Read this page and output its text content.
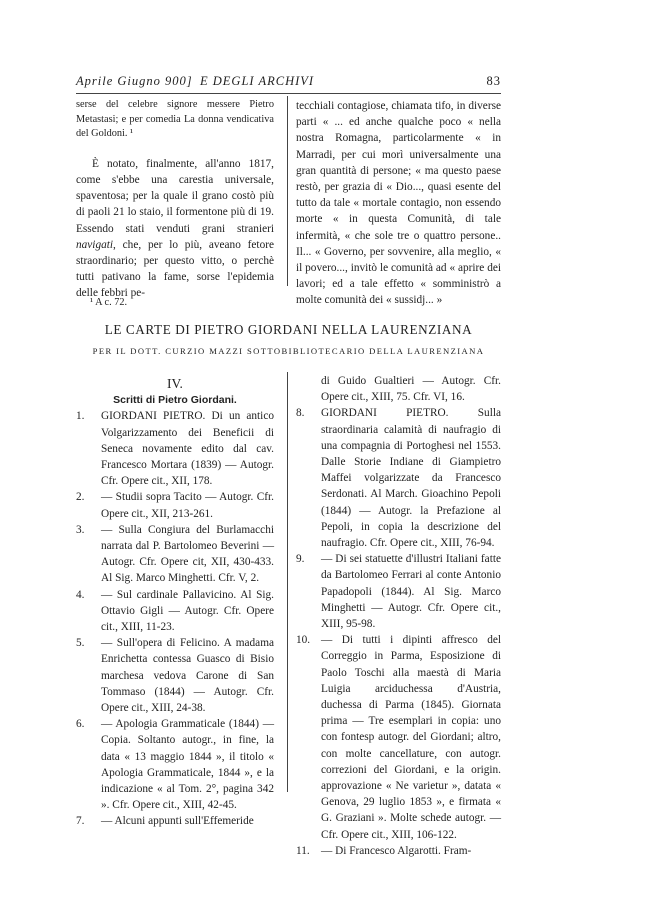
Aprile Giugno 900] E DEGLI ARCHIVI	83

serse del celebre signore messere Pietro Metastasi; e per comedia La donna vendicativa del Goldoni. ¹

È notato, finalmente, all'anno 1817, come s'ebbe una carestia universale, spaventosa; per la quale il grano costò più di paoli 21 lo staio, il formentone più di 19. Essendo stati venduti grani stranieri navigati, che, per lo più, aveano fetore straordinario; per questo vitto, o perchè tutti pativano la fame, sorse l'epidemia delle febbri pe-

tecchiali contagiose, chiamata tifo, in diverse parti « ... ed anche qualche poco « nella nostra Romagna, particolarmente « in Marradi, per cui morì universalmente una gran quantità di persone; « ma questo paese restò, per grazia di « Dio..., quasi esente del tutto da tale « mortale contagio, non essendo morte « in questa Comunità, di tale infermità, « che sole tre o quattro persone.. Il... « Governo, per sovvenire, alla meglio, « il povero..., invitò le comunità ad « aprire dei lavori; ed a tale effetto « somministrò a molte comunità dei « sussidj... »

¹ A c. 72.
LE CARTE DI PIETRO GIORDANI NELLA LAURENZIANA
PER IL DOTT. CURZIO MAZZI SOTTOBIBLIOTECARIO DELLA LAURENZIANA

IV.

Scritti di Pietro Giordani.

1. GIORDANI PIETRO. Di un antico Volgarizzamento dei Beneficii di Seneca novamente edito dal cav. Francesco Mortara (1839) — Autogr. Cfr. Opere cit., XII, 178.

2. — Studii sopra Tacito — Autogr. Cfr. Opere cit., XII, 213-261.

3. — Sulla Congiura del Burlamacchi narrata dal P. Bartolomeo Beverini — Autogr. Cfr. Opere cit, XII, 430-433. Al Sig. Marco Minghetti. Cfr. V, 2.

4. — Sul cardinale Pallavicino. Al Sig. Ottavio Gigli — Autogr. Cfr. Opere cit., XIII, 11-23.

5. — Sull'opera di Felicino. A madama Enrichetta contessa Guasco di Bisio marchesa vedova Carone di San Tommaso (1844) — Autogr. Cfr. Opere cit., XIII, 24-38.

6. — Apologia Grammaticale (1844) — Copia. Soltanto autogr., in fine, la data « 13 maggio 1844 », il titolo « Apologia Grammaticale, 1844 », e la indicazione « al Tom. 2°, pagina 342 ». Cfr. Opere cit., XIII, 42-45.

7. — Alcuni appunti sull'Effemeride

di Guido Gualtieri — Autogr. Cfr. Opere cit., XIII, 75. Cfr. VI, 16.

8. GIORDANI PIETRO. Sulla straordinaria calamità di naufragio di una compagnia di Portoghesi nel 1553. Dalle Storie Indiane di Giampietro Maffei volgarizzate da Francesco Serdonati. Al March. Gioachino Pepoli (1844) — Autogr. la Prefazione al Pepoli, in copia la descrizione del naufragio. Cfr. Opere cit., XIII, 76-94.

9. — Di sei statuette d'illustri Italiani fatte da Bartolomeo Ferrari al conte Antonio Papadopoli (1844). Al Sig. Marco Minghetti — Autogr. Cfr. Opere cit., XIII, 95-98.

10. — Di tutti i dipinti affresco del Correggio in Parma, Esposizione di Paolo Toschi alla maestà di Maria Luigia arciduchessa d'Austria, duchessa di Parma (1845). Giornata prima — Tre esemplari in copia: uno con fontesp autogr. del Giordani; altro, con molte cancellature, con autogr. correzioni del Giordani, e la origin. approvazione « Ne varietur », datata « Genova, 29 luglio 1853 », e firmata « G. Graziani ». Molte schede autogr. — Cfr. Opere cit., XIII, 106-122.

11. — Di Francesco Algarotti. Fram-
